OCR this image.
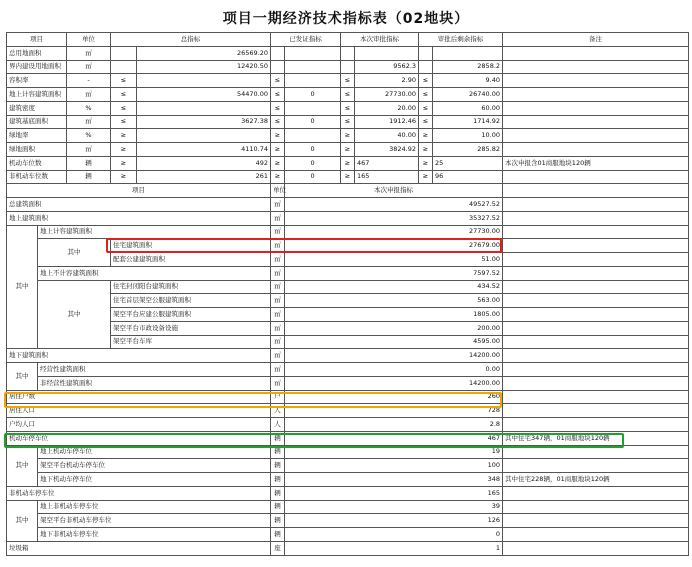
项目一期经济技术指标表（02地块）
项目		单位	总指标		已发证指标		本次审批指标		审批后剩余指标		备注
总用地面积		㎡		26569.20							
界内建设用地面积		㎡		12420.50				9562.3		2858.2	
容积率		-	≤		≤		≤	2.90	≤	9.40	
地上计容建筑面积		㎡	≤	54470.00	≤	0	≤	27730.00	≤	26740.00	
建筑密度		%	≤		≤		≤	20.00	≤	60.00	
建筑基底面积		㎡	≤	3627.38	≤	0	≤	1912.46	≤	1714.92	
绿地率		%	≥		≥		≥	40.00	≥	10.00	
绿地面积		㎡	≥	4110.74	≥	0	≥	3824.92	≥	285.82	
机动车位数		辆	≥	492	≥	0	≥	467	≥	25	本次申报含01商服地块120辆
非机动车位数		辆	≥	261	≥	0	≥	165	≥	96	
项目					单位	本次申报指标					
总建筑面积					㎡	49527.52					
地上建筑面积					㎡	35327.52					
其中	地上计容建筑面积				㎡	27730.00					
	其中		住宅建筑面积		㎡	27679.00					
			配套公建建筑面积		㎡	51.00					
	地上不计容建筑面积				㎡	7597.52					
	其中		住宅封闭阳台建筑面积		㎡	434.52					
			住宅首层架空公服建筑面积		㎡	563.00					
			架空平台应建公服建筑面积		㎡	1805.00					
			架空平台市政设备设施		㎡	200.00					
			架空平台车库		㎡	4595.00					
地下建筑面积					㎡	14200.00					
其中	经营性建筑面积				㎡	0.00					
	非经营性建筑面积				㎡	14200.00					
居住户数					户	260					
居住人口					人	728					
户均人口					人	2.8					
机动车停车位					辆	467					其中住宅347辆，01商服地块120辆
其中	地上机动车停车位				辆	19					
	架空平台机动车停车位				辆	100					
	地下机动车停车位				辆	348					其中住宅228辆，01商服地块120辆
非机动车停车位					辆	165					
其中	地上非机动车停车位				辆	39					
	架空平台非机动车停车位				辆	126					
	地下非机动车停车位				辆	0					
垃圾箱					座	1					
